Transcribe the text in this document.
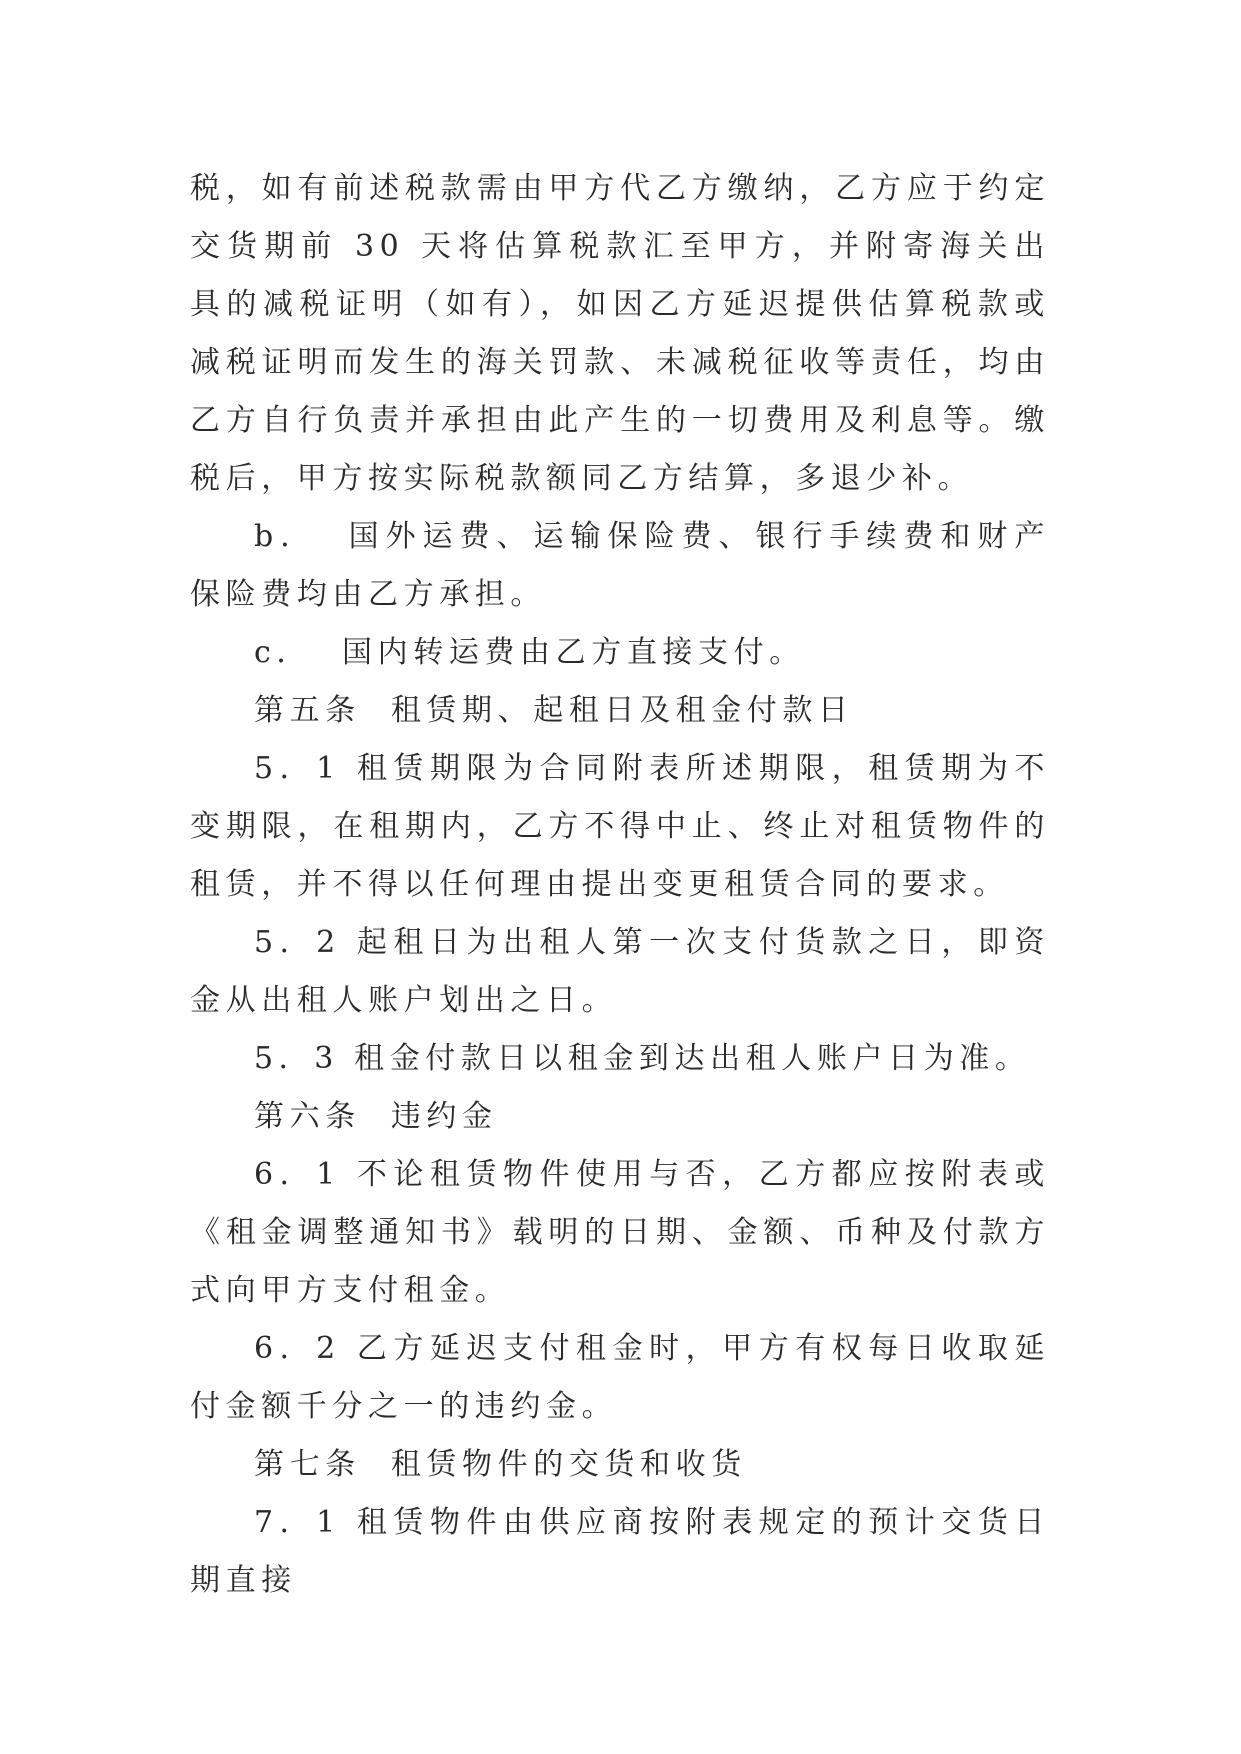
税，如有前述税款需由甲方代乙方缴纳，乙方应于约定交货期前 30 天将估算税款汇至甲方，并附寄海关出具的减税证明（如有），如因乙方延迟提供估算税款或减税证明而发生的海关罚款、未减税征收等责任，均由乙方自行负责并承担由此产生的一切费用及利息等。缴税后，甲方按实际税款额同乙方结算，多退少补。

b． 国外运费、运输保险费、银行手续费和财产保险费均由乙方承担。

c． 国内转运费由乙方直接支付。

第五条 租赁期、起租日及租金付款日

5．1 租赁期限为合同附表所述期限，租赁期为不变期限，在租期内，乙方不得中止、终止对租赁物件的租赁，并不得以任何理由提出变更租赁合同的要求。

5．2 起租日为出租人第一次支付货款之日，即资金从出租人账户划出之日。

5．3 租金付款日以租金到达出租人账户日为准。

第六条 违约金

6．1 不论租赁物件使用与否，乙方都应按附表或《租金调整通知书》载明的日期、金额、币种及付款方式向甲方支付租金。

6．2 乙方延迟支付租金时，甲方有权每日收取延付金额千分之一的违约金。

第七条 租赁物件的交货和收货

7．1 租赁物件由供应商按附表规定的预计交货日期直接
